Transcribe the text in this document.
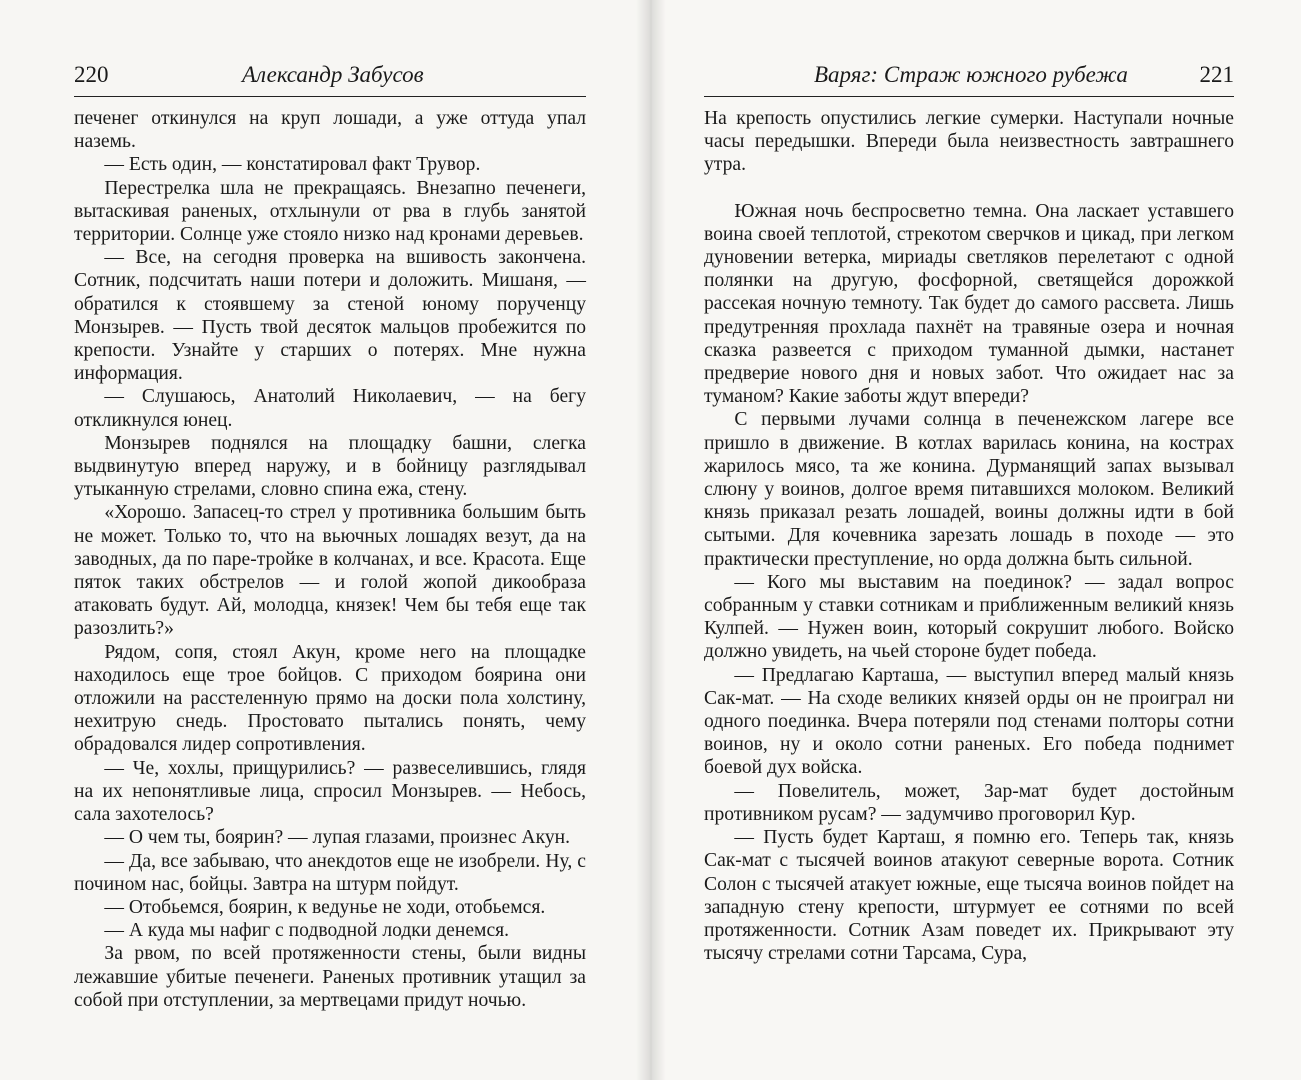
220	Александр Забусов

печенег откинулся на круп лошади, а уже оттуда упал наземь.

— Есть один, — констатировал факт Трувор.

Перестрелка шла не прекращаясь. Внезапно печенеги, вытаскивая раненых, отхлынули от рва в глубь занятой территории. Солнце уже стояло низко над кронами деревьев.

— Все, на сегодня проверка на вшивость закончена. Сотник, подсчитать наши потери и доложить. Мишаня, — обратился к стоявшему за стеной юному порученцу Монзырев. — Пусть твой десяток мальцов пробежится по крепости. Узнайте у старших о потерях. Мне нужна информация.

— Слушаюсь, Анатолий Николаевич, — на бегу откликнулся юнец.

Монзырев поднялся на площадку башни, слегка выдвинутую вперед наружу, и в бойницу разглядывал утыканную стрелами, словно спина ежа, стену.

«Хорошо. Запасец-то стрел у противника большим быть не может. Только то, что на вьючных лошадях везут, да на заводных, да по паре-тройке в колчанах, и все. Красота. Еще пяток таких обстрелов — и голой жопой дикообраза атаковать будут. Ай, молодца, князек! Чем бы тебя еще так разозлить?»

Рядом, сопя, стоял Акун, кроме него на площадке находилось еще трое бойцов. С приходом боярина они отложили на расстеленную прямо на доски пола холстину, нехитрую снедь. Простовато пытались понять, чему обрадовался лидер сопротивления.

— Че, хохлы, прищурились? — развеселившись, глядя на их непонятливые лица, спросил Монзырев. — Небось, сала захотелось?

— О чем ты, боярин? — лупая глазами, произнес Акун.

— Да, все забываю, что анекдотов еще не изобрели. Ну, с почином нас, бойцы. Завтра на штурм пойдут.

— Отобьемся, боярин, к ведунье не ходи, отобьемся.

— А куда мы нафиг с подводной лодки денемся.

За рвом, по всей протяженности стены, были видны лежавшие убитые печенеги. Раненых противник утащил за собой при отступлении, за мертвецами придут ночью.

Варяг: Страж южного рубежа	221

На крепость опустились легкие сумерки. Наступали ночные часы передышки. Впереди была неизвестность завтрашнего утра.

Южная ночь беспросветно темна. Она ласкает уставшего воина своей теплотой, стрекотом сверчков и цикад, при легком дуновении ветерка, мириады светляков перелетают с одной полянки на другую, фосфорной, светящейся дорожкой рассекая ночную темноту. Так будет до самого рассвета. Лишь предутренняя прохлада пахнёт на травяные озера и ночная сказка развеется с приходом туманной дымки, настанет предверие нового дня и новых забот. Что ожидает нас за туманом? Какие заботы ждут впереди?

С первыми лучами солнца в печенежском лагере все пришло в движение. В котлах варилась конина, на кострах жарилось мясо, та же конина. Дурманящий запах вызывал слюну у воинов, долгое время питавшихся молоком. Великий князь приказал резать лошадей, воины должны идти в бой сытыми. Для кочевника зарезать лошадь в походе — это практически преступление, но орда должна быть сильной.

— Кого мы выставим на поединок? — задал вопрос собранным у ставки сотникам и приближенным великий князь Кулпей. — Нужен воин, который сокрушит любого. Войско должно увидеть, на чьей стороне будет победа.

— Предлагаю Карташа, — выступил вперед малый князь Сак-мат. — На сходе великих князей орды он не проиграл ни одного поединка. Вчера потеряли под стенами полторы сотни воинов, ну и около сотни раненых. Его победа поднимет боевой дух войска.

— Повелитель, может, Зар-мат будет достойным противником русам? — задумчиво проговорил Кур.

— Пусть будет Карташ, я помню его. Теперь так, князь Сак-мат с тысячей воинов атакуют северные ворота. Сотник Солон с тысячей атакует южные, еще тысяча воинов пойдет на западную стену крепости, штурмует ее сотнями по всей протяженности. Сотник Азам поведет их. Прикрывают эту тысячу стрелами сотни Тарсама, Сура,
